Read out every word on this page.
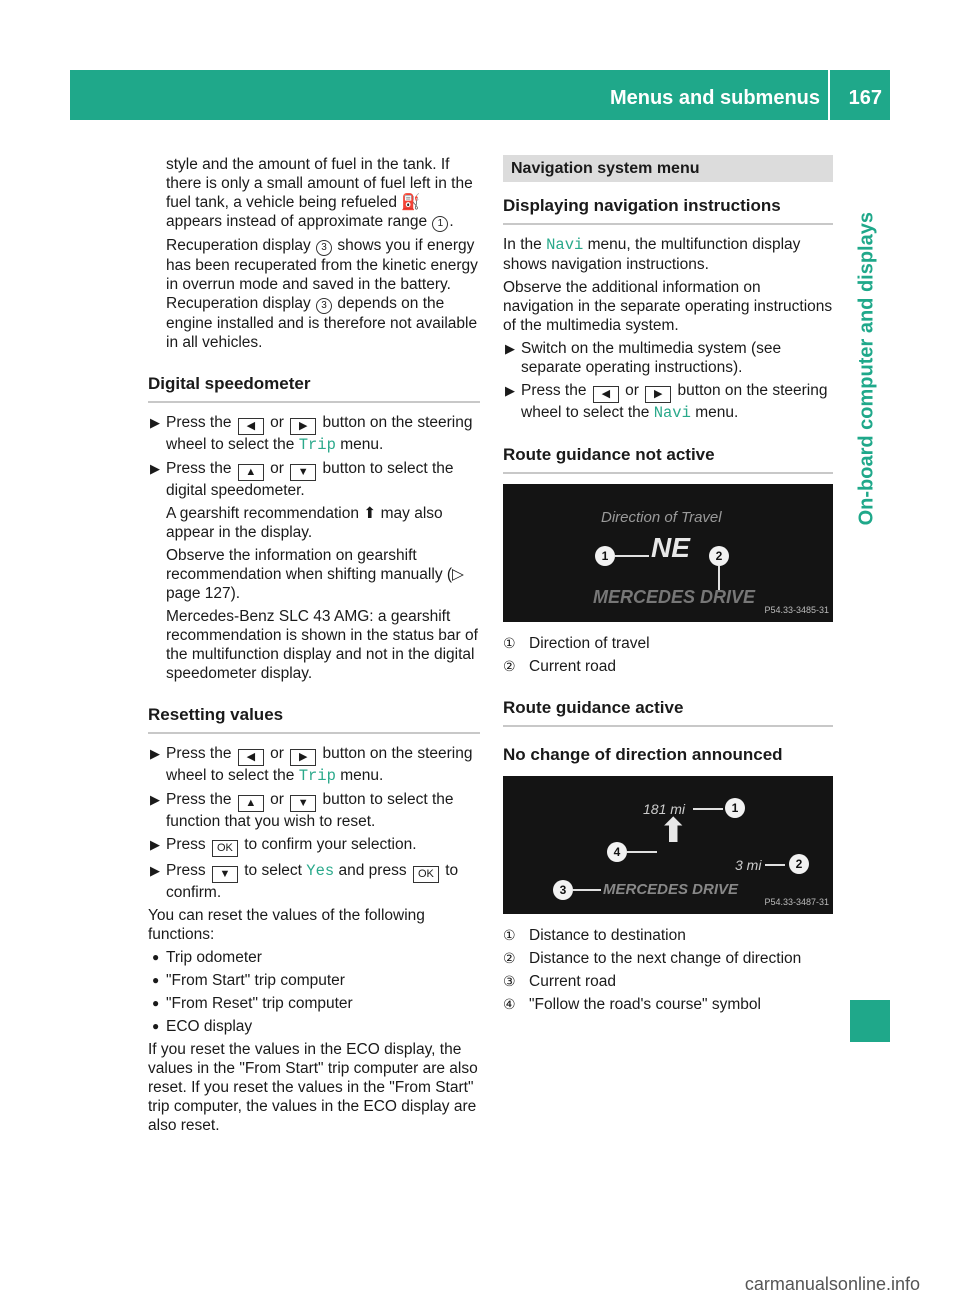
Menus and submenus 167
On-board computer and displays

style and the amount of fuel in the tank. If there is only a small amount of fuel left in the fuel tank, a vehicle being refueled ⛽ appears instead of approximate range 1 .

Recuperation display 3 shows you if energy has been recuperated from the kinetic energy in overrun mode and saved in the battery. Recuperation display 3 depends on the engine installed and is therefore not available in all vehicles.

Digital speedometer
▶ Press the ◀ or ▶ button on the steering wheel to select the Trip menu.
▶ Press the ▲ or ▼ button to select the digital speedometer.

A gearshift recommendation ⬆ may also appear in the display.

Observe the information on gearshift recommendation when shifting manually (▷ page 127).

Mercedes-Benz SLC 43 AMG: a gearshift recommendation is shown in the status bar of the multifunction display and not in the digital speedometer display.

Resetting values
▶ Press the ◀ or ▶ button on the steering wheel to select the Trip menu.
▶ Press the ▲ or ▼ button to select the function that you wish to reset.
▶ Press OK to confirm your selection.
▶ Press ▼ to select Yes and press OK to confirm.

You can reset the values of the following functions:

● Trip odometer
● "From Start" trip computer
● "From Reset" trip computer
● ECO display

If you reset the values in the ECO display, the values in the "From Start" trip computer are also reset. If you reset the values in the "From Start" trip computer, the values in the ECO display are also reset.

Navigation system menu
Displaying navigation instructions

In the Navi menu, the multifunction display shows navigation instructions.

Observe the additional information on navigation in the separate operating instructions of the multimedia system.

▶ Switch on the multimedia system (see separate operating instructions).
▶ Press the ◀ or ▶ button on the steering wheel to select the Navi menu.
Route guidance not active
Direction of Travel
1 NE	2
MERCEDES DRIVE
P54.33-3485-31
① Direction of travel
② Current road
Route guidance active
No change of direction announced
181 mi	1
4
⬆
3 mi	2
3	MERCEDES DRIVE
P54.33-3487-31
① Distance to destination
② Distance to the next change of direction
③ Current road
④ "Follow the road's course" symbol
carmanualsonline.info
